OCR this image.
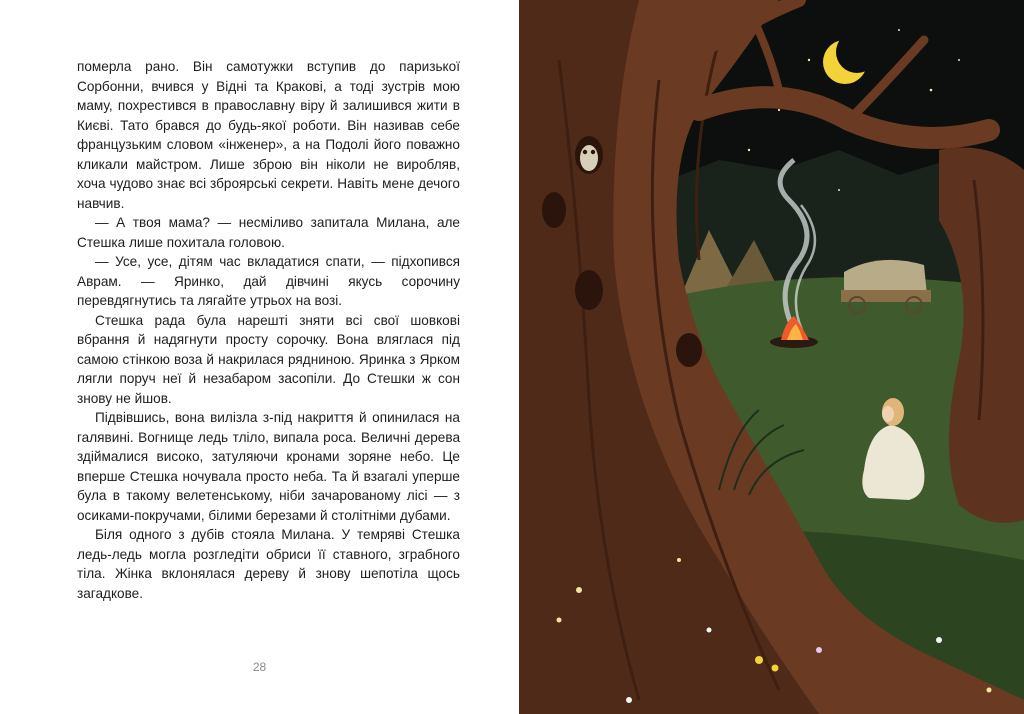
померла рано. Він самотужки вступив до паризької Сорбонни, вчився у Відні та Кракові, а тоді зустрів мою маму, похрестився в православну віру й залишився жити в Києві. Тато брався до будь-якої роботи. Він називав себе французьким словом «інженер», а на Подолі його поважно кликали майстром. Лише зброю він ніколи не виробляв, хоча чудово знає всі зброярські секрети. Навіть мене дечого навчив.

— А твоя мама? — несміливо запитала Милана, але Стешка лише похитала головою.

— Усе, усе, дітям час вкладатися спати, — підхопився Аврам. — Яринко, дай дівчині якусь сорочину перевдягнутись та лягайте утрьох на возі.

Стешка рада була нарешті зняти всі свої шовкові вбрання й надягнути просту сорочку. Вона вляглася під самою стінкою воза й накрилася рядниною. Яринка з Ярком лягли поруч неї й незабаром засопіли. До Стешки ж сон знову не йшов.

Підвівшись, вона вилізла з-під накриття й опинилася на галявині. Вогнище ледь тліло, випала роса. Величні дерева здіймалися високо, затуляючи кронами зоряне небо. Це вперше Стешка ночувала просто неба. Та й взагалі уперше була в такому велетенському, ніби зачарованому лісі — з осиками-покручами, білими березами й столітніми дубами.

Біля одного з дубів стояла Милана. У темряві Стешка ледь-ледь могла розгледіти обриси її ставного, зграбного тіла. Жінка вклонялася дереву й знову шепотіла щось загадкове.

28
